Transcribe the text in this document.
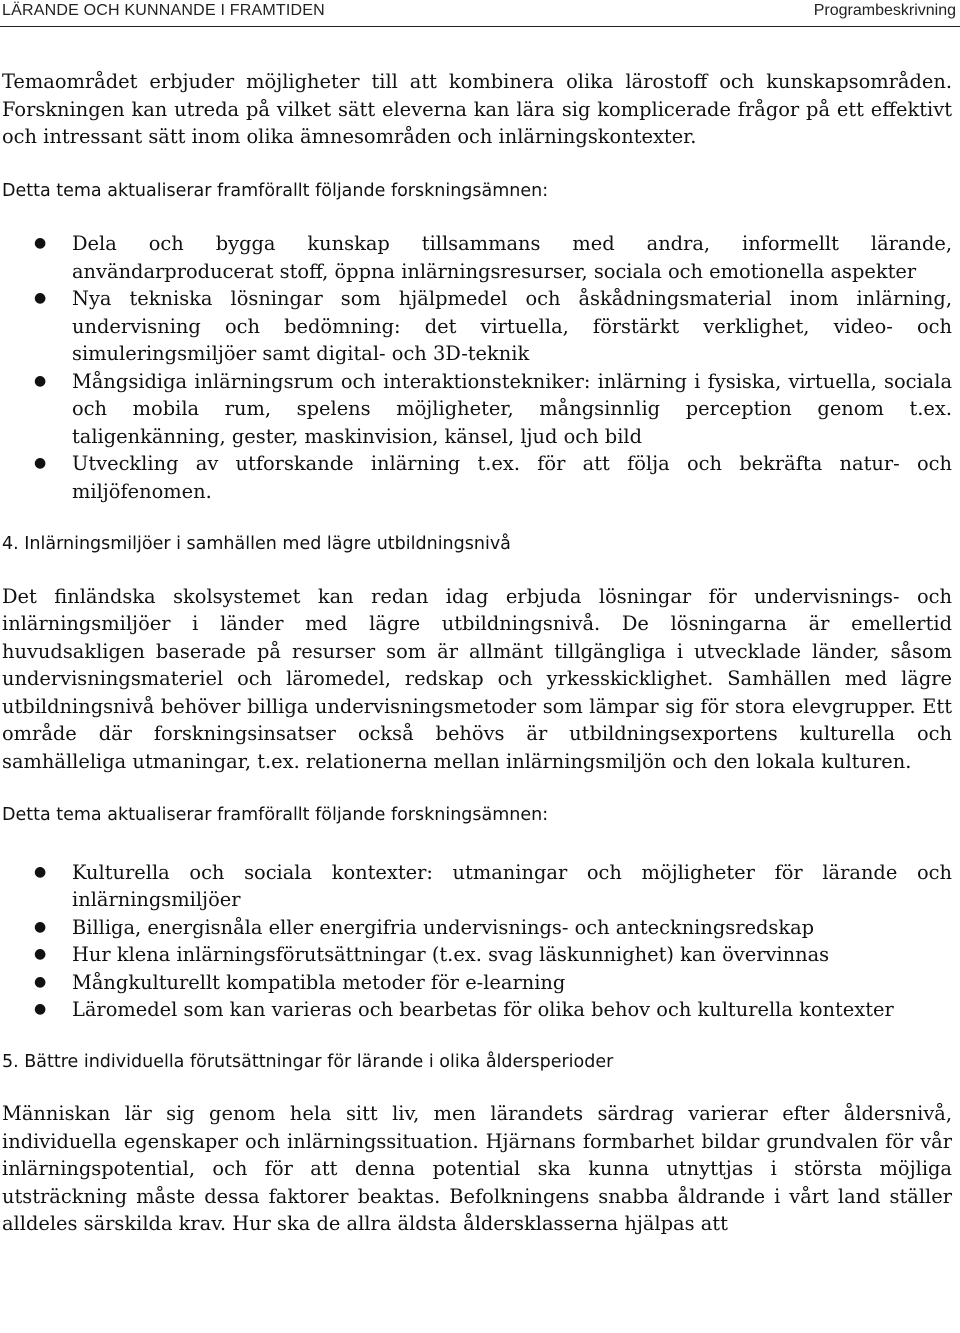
LÄRANDE OCH KUNNANDE I FRAMTIDEN	Programbeskrivning

Temaområdet erbjuder möjligheter till att kombinera olika lärostoff och kunskapsområden. Forskningen kan utreda på vilket sätt eleverna kan lära sig komplicerade frågor på ett effektivt och intressant sätt inom olika ämnesområden och inlärningskontexter.

Detta tema aktualiserar framförallt följande forskningsämnen:

● Dela och bygga kunskap tillsammans med andra, informellt lärande, användarproducerat stoff, öppna inlärningsresurser, sociala och emotionella aspekter
● Nya tekniska lösningar som hjälpmedel och åskådningsmaterial inom inlärning, undervisning och bedömning: det virtuella, förstärkt verklighet, video- och simuleringsmiljöer samt digital- och 3D-teknik
● Mångsidiga inlärningsrum och interaktionstekniker: inlärning i fysiska, virtuella, sociala och mobila rum, spelens möjligheter, mångsinnlig perception genom t.ex. taligenkänning, gester, maskinvision, känsel, ljud och bild
● Utveckling av utforskande inlärning t.ex. för att följa och bekräfta natur- och miljöfenomen.

4. Inlärningsmiljöer i samhällen med lägre utbildningsnivå

Det finländska skolsystemet kan redan idag erbjuda lösningar för undervisnings- och inlärningsmiljöer i länder med lägre utbildningsnivå. De lösningarna är emellertid huvudsakligen baserade på resurser som är allmänt tillgängliga i utvecklade länder, såsom undervisningsmateriel och läromedel, redskap och yrkesskicklighet. Samhällen med lägre utbildningsnivå behöver billiga undervisningsmetoder som lämpar sig för stora elevgrupper. Ett område där forskningsinsatser också behövs är utbildningsexportens kulturella och samhälleliga utmaningar, t.ex. relationerna mellan inlärningsmiljön och den lokala kulturen.

Detta tema aktualiserar framförallt följande forskningsämnen:

● Kulturella och sociala kontexter: utmaningar och möjligheter för lärande och inlärningsmiljöer
● Billiga, energisnåla eller energifria undervisnings- och anteckningsredskap
● Hur klena inlärningsförutsättningar (t.ex. svag läskunnighet) kan övervinnas
● Mångkulturellt kompatibla metoder för e-learning
● Läromedel som kan varieras och bearbetas för olika behov och kulturella kontexter

5. Bättre individuella förutsättningar för lärande i olika åldersperioder

Människan lär sig genom hela sitt liv, men lärandets särdrag varierar efter åldersnivå, individuella egenskaper och inlärningssituation. Hjärnans formbarhet bildar grundvalen för vår inlärningspotential, och för att denna potential ska kunna utnyttjas i största möjliga utsträckning måste dessa faktorer beaktas. Befolkningens snabba åldrande i vårt land ställer alldeles särskilda krav. Hur ska de allra äldsta åldersklasserna hjälpas att
